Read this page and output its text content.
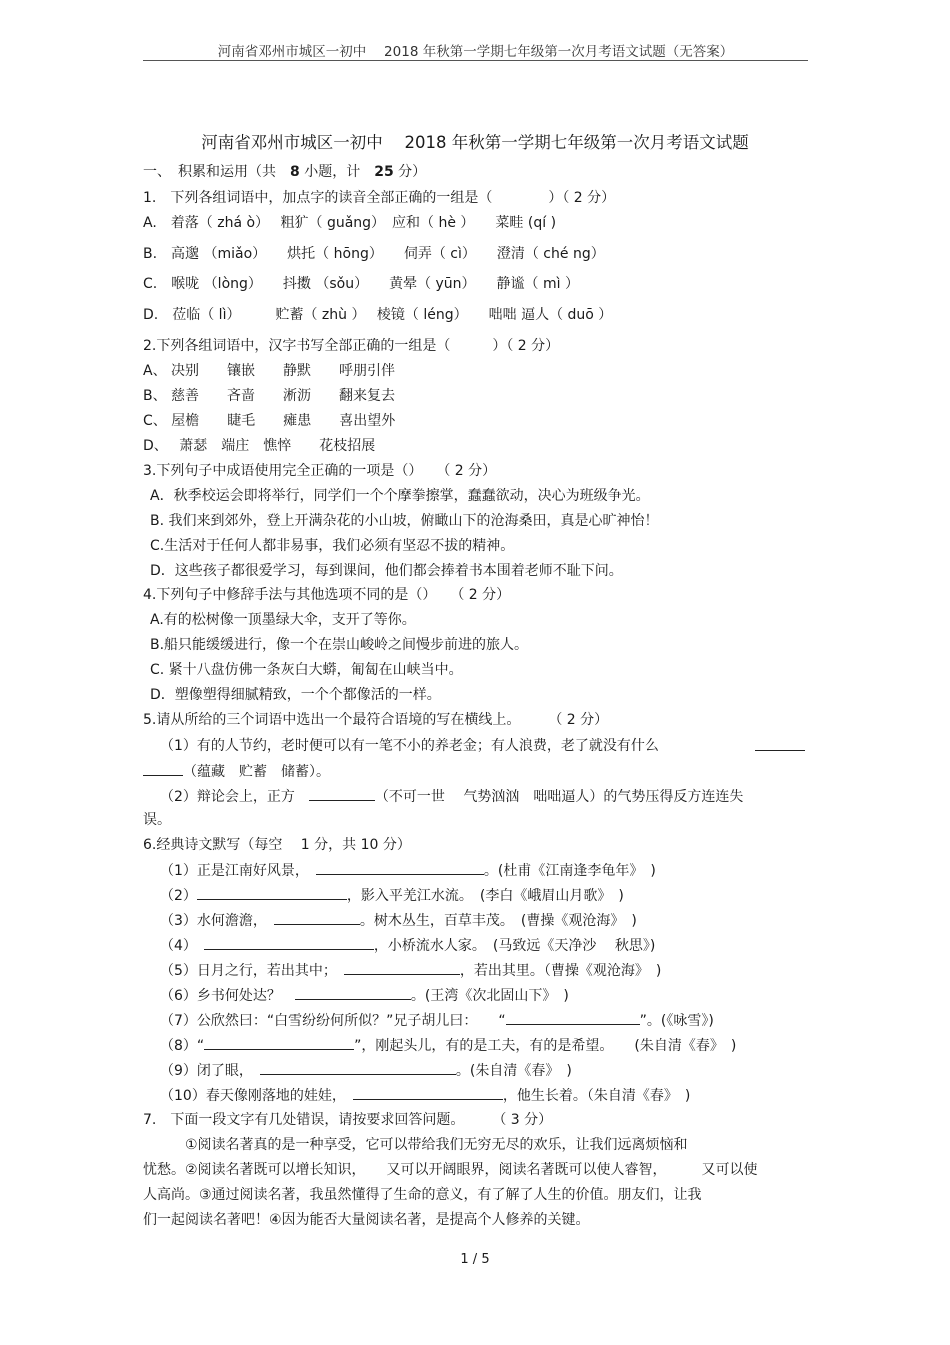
河南省邓州市城区一初中　 2018 年秋第一学期七年级第一次月考语文试题（无答案）
河南省邓州市城区一初中　 2018 年秋第一学期七年级第一次月考语文试题
一、　积累和运用（共　8 小题，计　25 分）
1.　下列各组词语中，加点字的读音全部正确的一组是（　　　　）（ 2 分）
A.　着落（ zhá ò）　 粗犷（ guǎng）　应和（ hè ）　　菜畦 (qí )
B.　高邈 （miǎo）　　烘托（ hōng）　　伺弄（ cì）　　澄清（ ché ng）
C.　喉咙 （lòng）　　抖擞 （sǒu）　　黄晕（ yūn）　　静谧（ mì ）
D.　莅临（ lì）　　　贮蓄（ zhù ）　 棱镜（ léng）　　咄咄 逼人（ duō ）
2.下列各组词语中，汉字书写全部正确的一组是（　　　）（ 2 分）
A、 决别　　镶嵌　　静默　　呼朋引伴
B、 慈善　　吝啬　　淅沥　　翻来复去
C、 屋檐　　睫毛　　瘫患　　喜出望外
D、　 萧瑟　端庄　憔悴　　花枝招展
3.下列句子中成语使用完全正确的一项是（）　　（ 2 分）
A．秋季校运会即将举行，同学们一个个摩拳擦掌，蠢蠢欲动，决心为班级争光。
B. 我们来到郊外，登上开满杂花的小山坡，俯瞰山下的沧海桑田，真是心旷神怡！
C.生活对于任何人都非易事，我们必须有坚忍不拔的精神。
D．这些孩子都很爱学习，每到课间，他们都会捧着书本围着老师不耻下问。
4.下列句子中修辞手法与其他选项不同的是（）　　（ 2 分）
A.有的松树像一顶墨绿大伞，支开了等你。
B.船只能缓缓进行，像一个在崇山峻岭之间慢步前进的旅人。
C. 紧十八盘仿佛一条灰白大蟒，匍匐在山峡当中。
D．塑像塑得细腻精致，一个个都像活的一样。
5.请从所给的三个词语中选出一个最符合语境的写在横线上。　　　（ 2 分）
（1）有的人节约，老时便可以有一笔不小的养老金；有人浪费，老了就没有什么
（蕴藏　贮蓄　储蓄）。
（2）辩论会上，正方　	（不可一世　 气势汹汹　咄咄逼人）的气势压得反方连连失
误。
6.经典诗文默写（每空　 1 分，共 10 分）
（1）正是江南好风景，　	。(杜甫《江南逢李龟年》　)
（2）	，影入平羌江水流。　(李白《峨眉山月歌》　)
（3）水何澹澹，　	。树木丛生，百草丰茂。　(曹操《观沧海》　)
（4）　	，小桥流水人家。　(马致远《天净沙　 秋思》)
（5）日月之行，若出其中；　	，若出其里。（曹操《观沧海》　)
（6）乡书何处达？　	。(王湾《次北固山下》　)
（7）公欣然曰：“白雪纷纷何所似？”兄子胡儿曰：　　“	”。(《咏雪》)
（8）“	”，刚起头儿，有的是工夫，有的是希望。　　(朱自清《春》　)
（9）闭了眼，　	。(朱自清《春》　)
（10）春天像刚落地的娃娃，　	，他生长着。（朱自清《春》　)
7.　下面一段文字有几处错误，请按要求回答问题。　　　（ 3 分）
　　　①阅读名著真的是一种享受，它可以带给我们无穷无尽的欢乐，让我们远离烦恼和
忧愁。②阅读名著既可以增长知识，　　又可以开阔眼界，阅读名著既可以使人睿智，　　　又可以使
人高尚。③通过阅读名著，我虽然懂得了生命的意义，有了解了人生的价值。朋友们，让我
们一起阅读名著吧！④因为能否大量阅读名著，是提高个人修养的关键。
1 / 5
